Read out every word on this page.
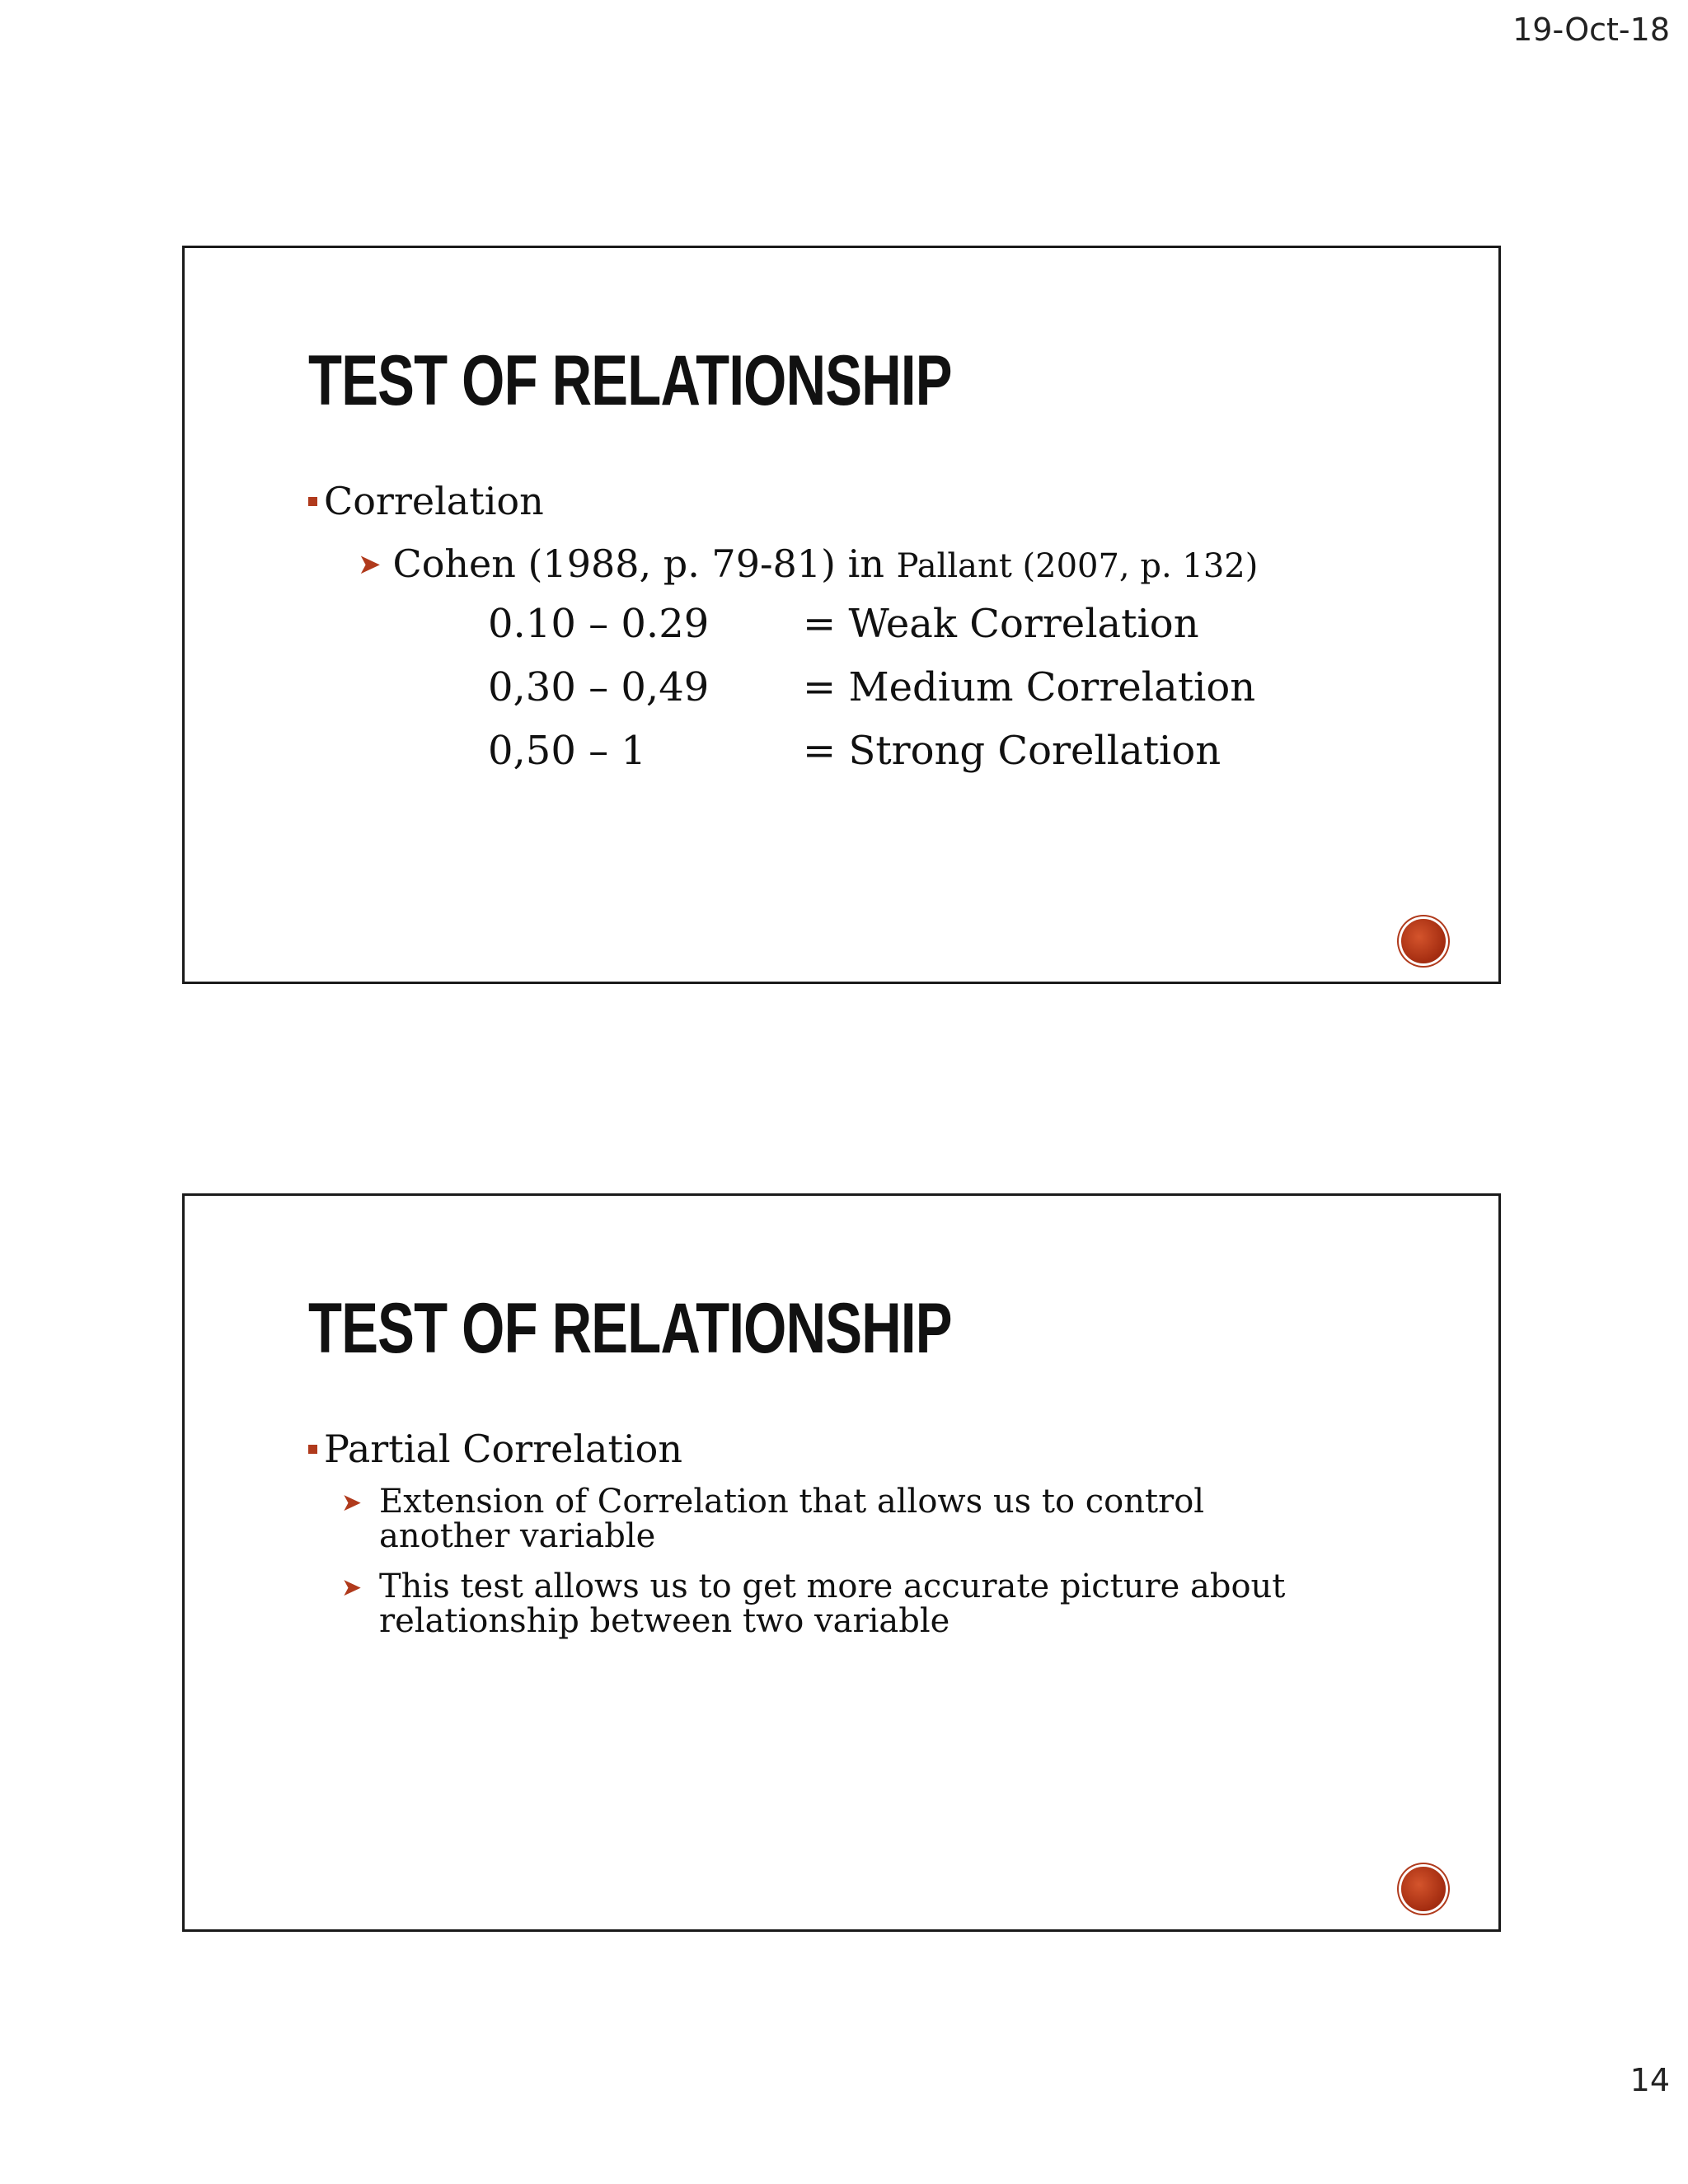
19-Oct-18
TEST OF RELATIONSHIP
Correlation
➤ Cohen (1988, p. 79-81) in Pallant (2007, p. 132)
0.10 – 0.29 = Weak Correlation
0,30 – 0,49 = Medium Correlation
0,50 – 1	= Strong Corellation
TEST OF RELATIONSHIP
Partial Correlation
➤ Extension of Correlation that allows us to control another variable
➤ This test allows us to get more accurate picture about relationship between two variable
14
